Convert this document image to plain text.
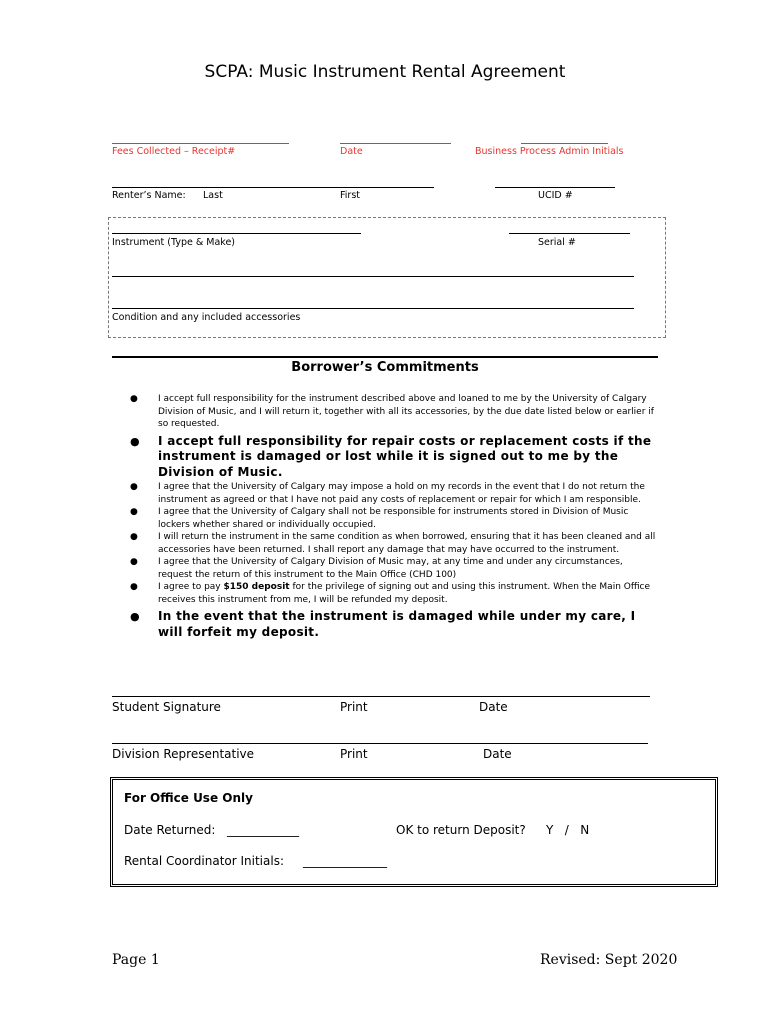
SCPA: Music Instrument Rental Agreement
Fees Collected – Receipt#	Date	Business Process Admin Initials
Renter’s Name: Last	First	UCID #
Instrument (Type & Make)	Serial #
Condition and any included accessories
Borrower’s Commitments
● I accept full responsibility for the instrument described above and loaned to me by the University of Calgary Division of Music, and I will return it, together with all its accessories, by the due date listed below or earlier if so requested.
● I accept full responsibility for repair costs or replacement costs if the instrument is damaged or lost while it is signed out to me by the Division of Music.
● I agree that the University of Calgary may impose a hold on my records in the event that I do not return the instrument as agreed or that I have not paid any costs of replacement or repair for which I am responsible.
● I agree that the University of Calgary shall not be responsible for instruments stored in Division of Music lockers whether shared or individually occupied.
● I will return the instrument in the same condition as when borrowed, ensuring that it has been cleaned and all accessories have been returned. I shall report any damage that may have occurred to the instrument.
● I agree that the University of Calgary Division of Music may, at any time and under any circumstances, request the return of this instrument to the Main Office (CHD 100)
● I agree to pay $150 deposit for the privilege of signing out and using this instrument. When the Main Office receives this instrument from me, I will be refunded my deposit.
● In the event that the instrument is damaged while under my care, I will forfeit my deposit.
Student Signature	Print	Date
Division Representative	Print	Date
For Office Use Only
Date Returned: ____________	OK to return Deposit? Y   /   N
Rental Coordinator Initials: ______________
Page 1	Revised: Sept 2020
